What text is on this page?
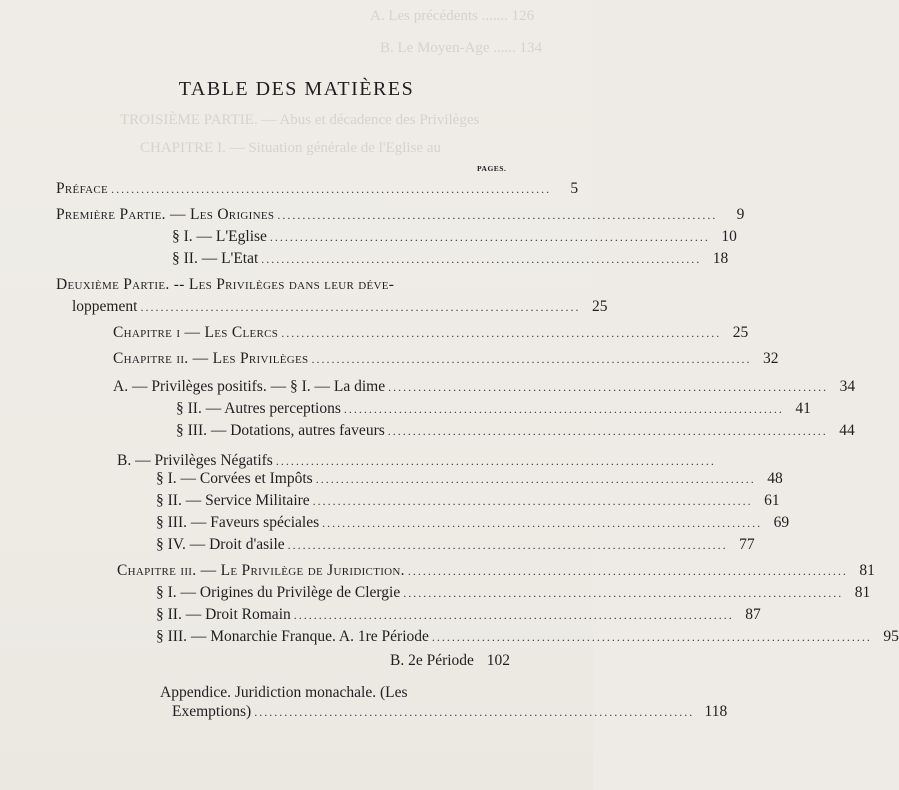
A. Les précédents ....... 126
B. Le Moyen-Age ...... 134
TROISIÈME PARTIE. — Abus et décadence des Privilèges
CHAPITRE I. — Situation générale de l'Eglise au
TABLE DES MATIÈRES
PAGES.
Préface ........................................................................................	5
Première Partie. — Les Origines ........................................................................................	9
§ I. — L'Eglise ........................................................................................ 10
§ II. — L'Etat ........................................................................................ 18
Deuxième Partie. -- Les Privilèges dans leur déve-
loppement ........................................................................................ 25
Chapitre i — Les Clercs ........................................................................................ 25
Chapitre ii. — Les Privilèges ........................................................................................ 32
A. — Privilèges positifs. — § I. — La dime ........................................................................................ 34
§ II. — Autres perceptions ........................................................................................ 41
§ III. — Dotations, autres faveurs ........................................................................................ 44
B. — Privilèges Négatifs ........................................................................................
§ I. — Corvées et Impôts ........................................................................................ 48
§ II. — Service Militaire ........................................................................................ 61
§ III. — Faveurs spéciales ........................................................................................ 69
§ IV. — Droit d'asile ........................................................................................ 77
Chapitre iii. — Le Privilège de Juridiction. ........................................................................................ 81
§ I. — Origines du Privilège de Clergie ........................................................................................ 81
§ II. — Droit Romain ........................................................................................ 87
§ III. — Monarchie Franque. A. 1re Période ........................................................................................ 95
B. 2e Période 102
Appendice. Juridiction monachale. (Les
Exemptions) ........................................................................................ 118
